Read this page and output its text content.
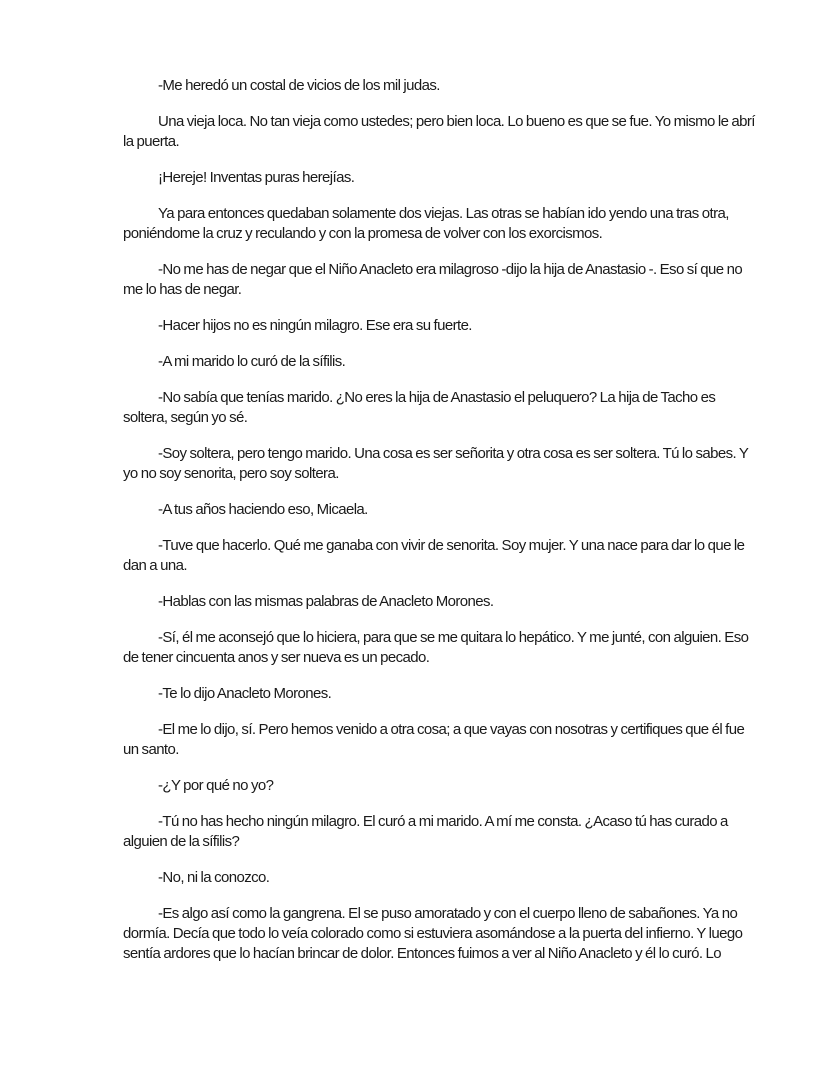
-Me heredó un costal de vicios de los mil judas.

Una vieja loca. No tan vieja como ustedes; pero bien loca. Lo bueno es que se fue. Yo mismo le abrí la puerta.

¡Hereje! Inventas puras herejías.

Ya para entonces quedaban solamente dos viejas. Las otras se habían ido yendo una tras otra, poniéndome la cruz y reculando y con la promesa de volver con los exorcismos.

-No me has de negar que el Niño Anacleto era milagroso -dijo la hija de Anastasio -. Eso sí que no me lo has de negar.

-Hacer hijos no es ningún milagro. Ese era su fuerte.

-A mi marido lo curó de la sífilis.

-No sabía que tenías marido. ¿No eres la hija de Anastasio el peluquero? La hija de Tacho es soltera, según yo sé.

-Soy soltera, pero tengo marido. Una cosa es ser señorita y otra cosa es ser soltera. Tú lo sabes. Y yo no soy senorita, pero soy soltera.

-A tus años haciendo eso, Micaela.

-Tuve que hacerlo. Qué me ganaba con vivir de senorita. Soy mujer. Y una nace para dar lo que le dan a una.

-Hablas con las mismas palabras de Anacleto Morones.

-Sí, él me aconsejó que lo hiciera, para que se me quitara lo hepático. Y me junté, con alguien. Eso de tener cincuenta anos y ser nueva es un pecado.

-Te lo dijo Anacleto Morones.

-El me lo dijo, sí. Pero hemos venido a otra cosa; a que vayas con nosotras y certifiques que él fue un santo.

-¿Y por qué no yo?

-Tú no has hecho ningún milagro. El curó a mi marido. A mí me consta. ¿Acaso tú has curado a alguien de la sífilis?

-No, ni la conozco.

-Es algo así como la gangrena. El se puso amoratado y con el cuerpo lleno de sabañones. Ya no dormía. Decía que todo lo veía colorado como si estuviera asomándose a la puerta del infierno. Y luego sentía ardores que lo hacían brincar de dolor. Entonces fuimos a ver al Niño Anacleto y él lo curó. Lo
